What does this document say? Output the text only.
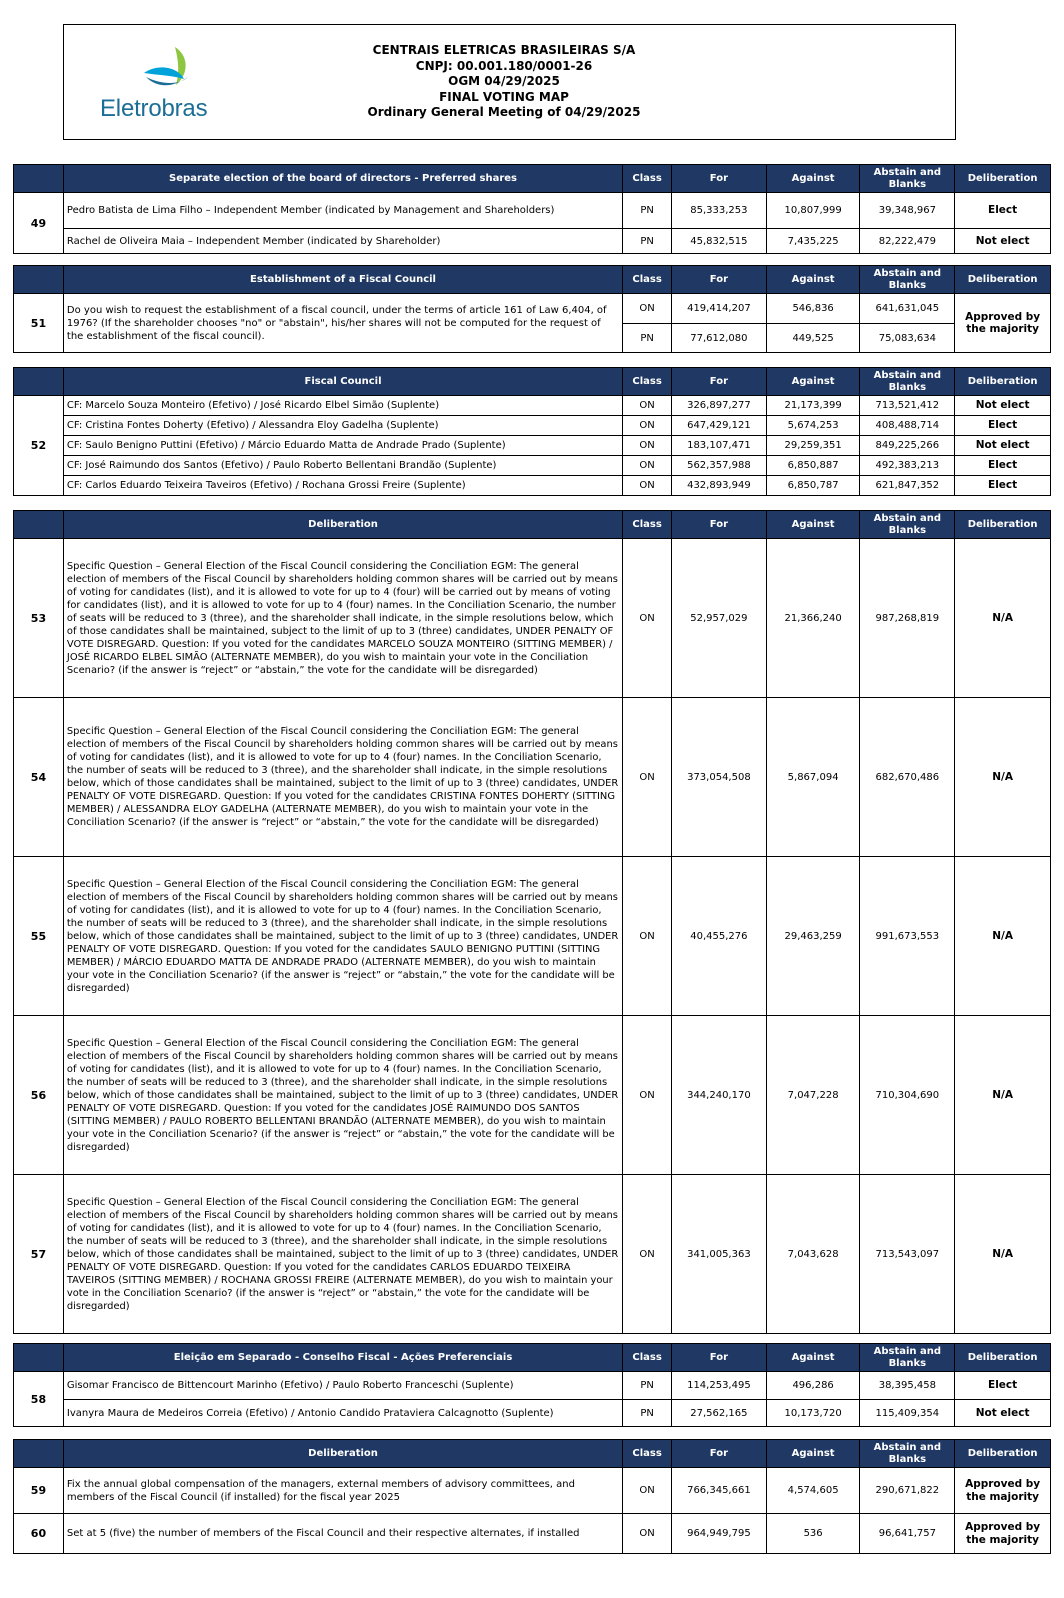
Eletrobras
CENTRAIS ELETRICAS BRASILEIRAS S/A
CNPJ: 00.001.180/0001-26
OGM 04/29/2025
FINAL VOTING MAP
Ordinary General Meeting of 04/29/2025
	Separate election of the board of directors - Preferred shares	Class	For	Against	Abstain and Blanks	Deliberation
49	Pedro Batista de Lima Filho – Independent Member (indicated by Management and Shareholders)	PN	85,333,253	10,807,999	39,348,967	Elect
	Rachel de Oliveira Maia – Independent Member (indicated by Shareholder)	PN	45,832,515	7,435,225	82,222,479	Not elect
	Establishment of a Fiscal Council	Class	For	Against	Abstain and Blanks	Deliberation
51	Do you wish to request the establishment of a fiscal council, under the terms of article 161 of Law 6,404, of 1976? (If the shareholder chooses "no" or "abstain", his/her shares will not be computed for the request of the establishment of the fiscal council).	ON	419,414,207	546,836	641,631,045	Approved by the majority
		PN	77,612,080	449,525	75,083,634	
	Fiscal Council	Class	For	Against	Abstain and Blanks	Deliberation
52	CF: Marcelo Souza Monteiro (Efetivo) / José Ricardo Elbel Simão (Suplente)	ON	326,897,277	21,173,399	713,521,412	Not elect
	CF: Cristina Fontes Doherty (Efetivo) / Alessandra Eloy Gadelha (Suplente)	ON	647,429,121	5,674,253	408,488,714	Elect
	CF: Saulo Benigno Puttini (Efetivo) / Márcio Eduardo Matta de Andrade Prado (Suplente)	ON	183,107,471	29,259,351	849,225,266	Not elect
	CF: José Raimundo dos Santos (Efetivo) / Paulo Roberto Bellentani Brandão (Suplente)	ON	562,357,988	6,850,887	492,383,213	Elect
	CF: Carlos Eduardo Teixeira Taveiros (Efetivo) / Rochana Grossi Freire (Suplente)	ON	432,893,949	6,850,787	621,847,352	Elect
	Deliberation	Class	For	Against	Abstain and Blanks	Deliberation
53	Specific Question – General Election of the Fiscal Council considering the Conciliation EGM: The general election of members of the Fiscal Council by shareholders holding common shares will be carried out by means of voting for candidates (list), and it is allowed to vote for up to 4 (four) will be carried out by means of voting for candidates (list), and it is allowed to vote for up to 4 (four) names. In the Conciliation Scenario, the number of seats will be reduced to 3 (three), and the shareholder shall indicate, in the simple resolutions below, which of those candidates shall be maintained, subject to the limit of up to 3 (three) candidates, UNDER PENALTY OF VOTE DISREGARD. Question: If you voted for the candidates MARCELO SOUZA MONTEIRO (SITTING MEMBER) / JOSÉ RICARDO ELBEL SIMÃO (ALTERNATE MEMBER), do you wish to maintain your vote in the Conciliation Scenario? (if the answer is “reject” or “abstain,” the vote for the candidate will be disregarded)	ON	52,957,029	21,366,240	987,268,819	N/A
54	Specific Question – General Election of the Fiscal Council considering the Conciliation EGM: The general election of members of the Fiscal Council by shareholders holding common shares will be carried out by means of voting for candidates (list), and it is allowed to vote for up to 4 (four) names. In the Conciliation Scenario, the number of seats will be reduced to 3 (three), and the shareholder shall indicate, in the simple resolutions below, which of those candidates shall be maintained, subject to the limit of up to 3 (three) candidates, UNDER PENALTY OF VOTE DISREGARD. Question: If you voted for the candidates CRISTINA FONTES DOHERTY (SITTING MEMBER) / ALESSANDRA ELOY GADELHA (ALTERNATE MEMBER), do you wish to maintain your vote in the Conciliation Scenario? (if the answer is “reject” or “abstain,” the vote for the candidate will be disregarded)	ON	373,054,508	5,867,094	682,670,486	N/A
55	Specific Question – General Election of the Fiscal Council considering the Conciliation EGM: The general election of members of the Fiscal Council by shareholders holding common shares will be carried out by means of voting for candidates (list), and it is allowed to vote for up to 4 (four) names. In the Conciliation Scenario, the number of seats will be reduced to 3 (three), and the shareholder shall indicate, in the simple resolutions below, which of those candidates shall be maintained, subject to the limit of up to 3 (three) candidates, UNDER PENALTY OF VOTE DISREGARD. Question: If you voted for the candidates SAULO BENIGNO PUTTINI (SITTING MEMBER) / MÁRCIO EDUARDO MATTA DE ANDRADE PRADO (ALTERNATE MEMBER), do you wish to maintain your vote in the Conciliation Scenario? (if the answer is “reject” or “abstain,” the vote for the candidate will be disregarded)	ON	40,455,276	29,463,259	991,673,553	N/A
56	Specific Question – General Election of the Fiscal Council considering the Conciliation EGM: The general election of members of the Fiscal Council by shareholders holding common shares will be carried out by means of voting for candidates (list), and it is allowed to vote for up to 4 (four) names. In the Conciliation Scenario, the number of seats will be reduced to 3 (three), and the shareholder shall indicate, in the simple resolutions below, which of those candidates shall be maintained, subject to the limit of up to 3 (three) candidates, UNDER PENALTY OF VOTE DISREGARD. Question: If you voted for the candidates JOSÉ RAIMUNDO DOS SANTOS (SITTING MEMBER) / PAULO ROBERTO BELLENTANI BRANDÃO (ALTERNATE MEMBER), do you wish to maintain your vote in the Conciliation Scenario? (if the answer is “reject” or “abstain,” the vote for the candidate will be disregarded)	ON	344,240,170	7,047,228	710,304,690	N/A
57	Specific Question – General Election of the Fiscal Council considering the Conciliation EGM: The general election of members of the Fiscal Council by shareholders holding common shares will be carried out by means of voting for candidates (list), and it is allowed to vote for up to 4 (four) names. In the Conciliation Scenario, the number of seats will be reduced to 3 (three), and the shareholder shall indicate, in the simple resolutions below, which of those candidates shall be maintained, subject to the limit of up to 3 (three) candidates, UNDER PENALTY OF VOTE DISREGARD. Question: If you voted for the candidates CARLOS EDUARDO TEIXEIRA TAVEIROS (SITTING MEMBER) / ROCHANA GROSSI FREIRE (ALTERNATE MEMBER), do you wish to maintain your vote in the Conciliation Scenario? (if the answer is “reject” or “abstain,” the vote for the candidate will be disregarded)	ON	341,005,363	7,043,628	713,543,097	N/A
	Eleição em Separado - Conselho Fiscal - Ações Preferenciais	Class	For	Against	Abstain and Blanks	Deliberation
58	Gisomar Francisco de Bittencourt Marinho (Efetivo) / Paulo Roberto Franceschi (Suplente)	PN	114,253,495	496,286	38,395,458	Elect
	Ivanyra Maura de Medeiros Correia (Efetivo) / Antonio Candido Prataviera Calcagnotto (Suplente)	PN	27,562,165	10,173,720	115,409,354	Not elect
	Deliberation	Class	For	Against	Abstain and Blanks	Deliberation
59	Fix the annual global compensation of the managers, external members of advisory committees, and members of the Fiscal Council (if installed) for the fiscal year 2025	ON	766,345,661	4,574,605	290,671,822	Approved by the majority
60	Set at 5 (five) the number of members of the Fiscal Council and their respective alternates, if installed	ON	964,949,795	536	96,641,757	Approved by the majority
